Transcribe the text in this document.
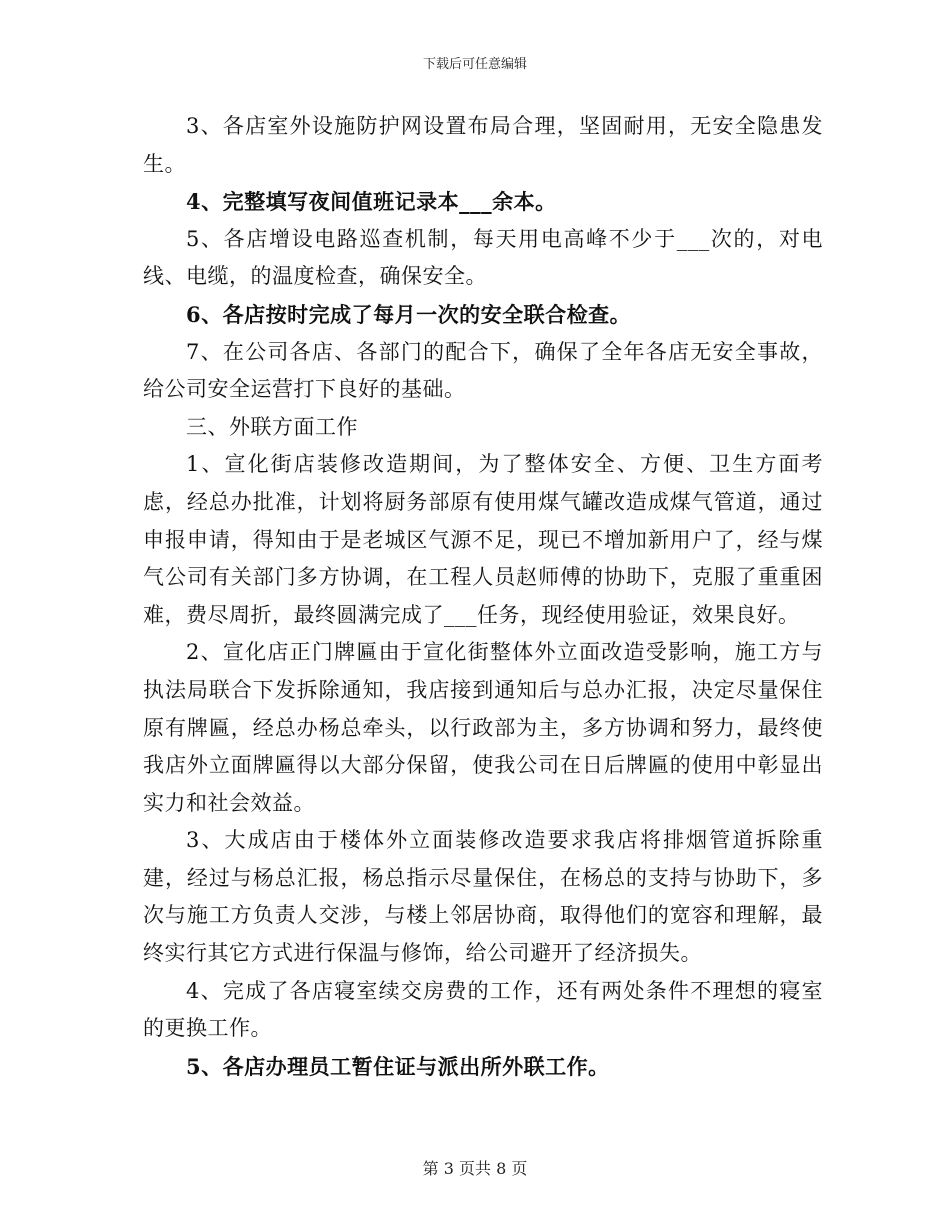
下载后可任意编辑

3、各店室外设施防护网设置布局合理，坚固耐用，无安全隐患发生。

4、完整填写夜间值班记录本___余本。

5、各店增设电路巡查机制，每天用电高峰不少于___次的，对电线、电缆，的温度检查，确保安全。

6、各店按时完成了每月一次的安全联合检查。

7、在公司各店、各部门的配合下，确保了全年各店无安全事故，给公司安全运营打下良好的基础。

三、外联方面工作

1、宣化街店装修改造期间，为了整体安全、方便、卫生方面考虑，经总办批准，计划将厨务部原有使用煤气罐改造成煤气管道，通过申报申请，得知由于是老城区气源不足，现已不增加新用户了，经与煤气公司有关部门多方协调，在工程人员赵师傅的协助下，克服了重重困难，费尽周折，最终圆满完成了___任务，现经使用验证，效果良好。

2、宣化店正门牌匾由于宣化街整体外立面改造受影响，施工方与执法局联合下发拆除通知，我店接到通知后与总办汇报，决定尽量保住原有牌匾，经总办杨总牵头，以行政部为主，多方协调和努力，最终使我店外立面牌匾得以大部分保留，使我公司在日后牌匾的使用中彰显出实力和社会效益。

3、大成店由于楼体外立面装修改造要求我店将排烟管道拆除重建，经过与杨总汇报，杨总指示尽量保住，在杨总的支持与协助下，多次与施工方负责人交涉，与楼上邻居协商，取得他们的宽容和理解，最终实行其它方式进行保温与修饰，给公司避开了经济损失。

4、完成了各店寝室续交房费的工作，还有两处条件不理想的寝室的更换工作。

5、各店办理员工暂住证与派出所外联工作。

第 3 页共 8 页
